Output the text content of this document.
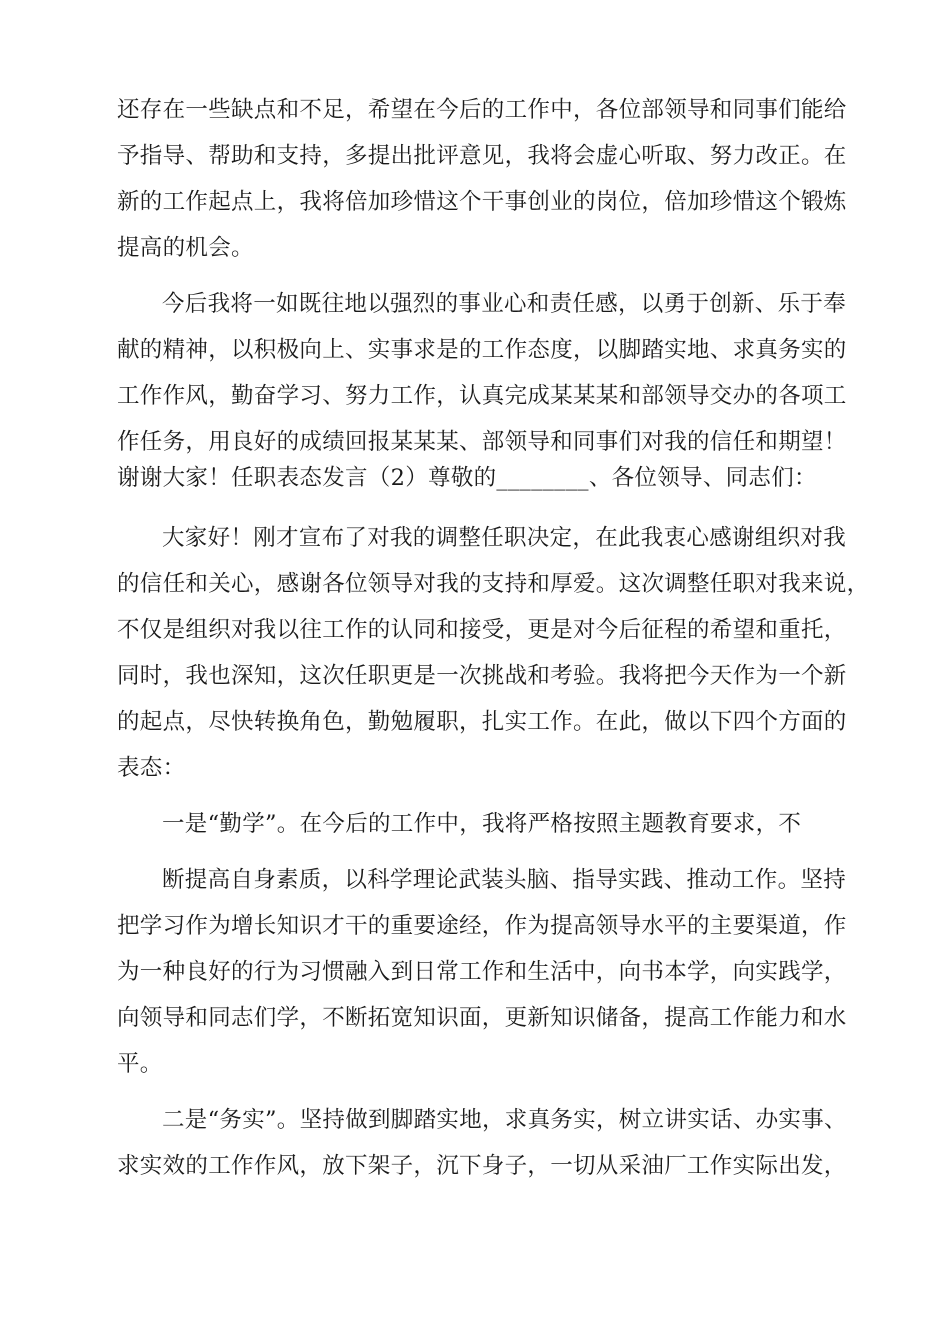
还存在一些缺点和不足，希望在今后的工作中，各位部领导和同事们能给

予指导、帮助和支持，多提出批评意见，我将会虚心听取、努力改正。在

新的工作起点上，我将倍加珍惜这个干事创业的岗位，倍加珍惜这个锻炼

提高的机会。

今后我将一如既往地以强烈的事业心和责任感，以勇于创新、乐于奉

献的精神，以积极向上、实事求是的工作态度，以脚踏实地、求真务实的

工作作风，勤奋学习、努力工作，认真完成某某某和部领导交办的各项工

作任务，用良好的成绩回报某某某、部领导和同事们对我的信任和期望！

谢谢大家！任职表态发言（2）尊敬的________、各位领导、同志们：

大家好！刚才宣布了对我的调整任职决定，在此我衷心感谢组织对我

的信任和关心，感谢各位领导对我的支持和厚爱。这次调整任职对我来说，

不仅是组织对我以往工作的认同和接受，更是对今后征程的希望和重托，

同时，我也深知，这次任职更是一次挑战和考验。我将把今天作为一个新

的起点，尽快转换角色，勤勉履职，扎实工作。在此，做以下四个方面的

表态：

一是“勤学”。在今后的工作中，我将严格按照主题教育要求，不

断提高自身素质，以科学理论武装头脑、指导实践、推动工作。坚持

把学习作为增长知识才干的重要途经，作为提高领导水平的主要渠道，作

为一种良好的行为习惯融入到日常工作和生活中，向书本学，向实践学，

向领导和同志们学，不断拓宽知识面，更新知识储备，提高工作能力和水

平。

二是“务实”。坚持做到脚踏实地，求真务实，树立讲实话、办实事、

求实效的工作作风，放下架子，沉下身子，一切从采油厂工作实际出发，
